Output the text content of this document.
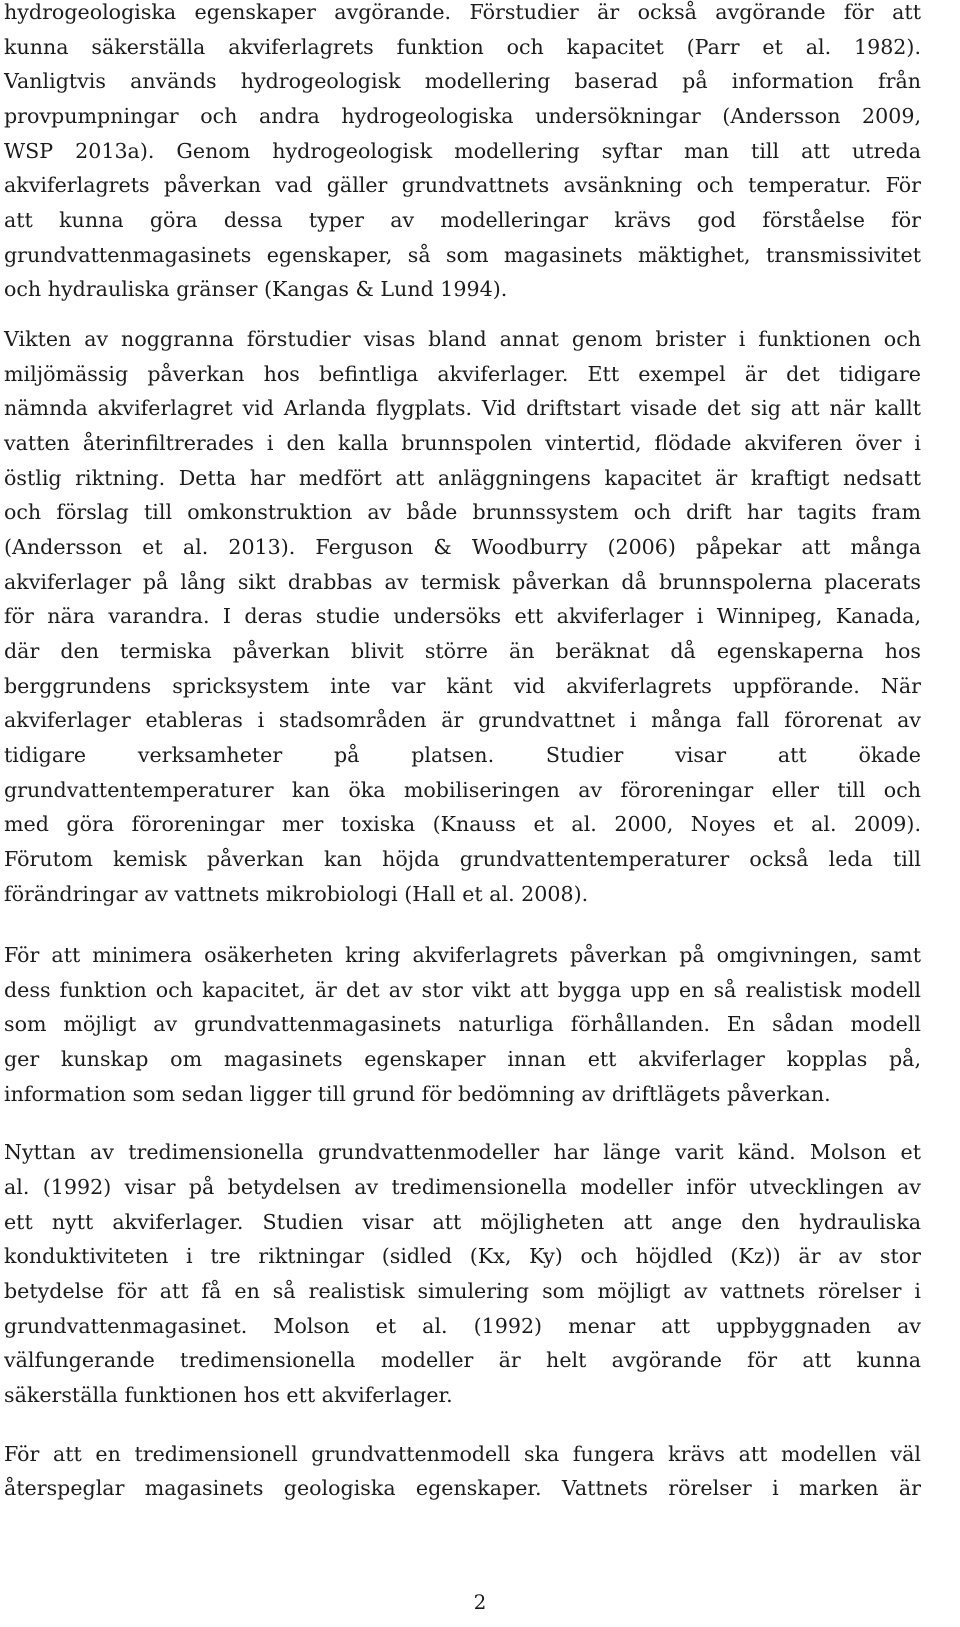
hydrogeologiska egenskaper avgörande. Förstudier är också avgörande för att

kunna säkerställa akviferlagrets funktion och kapacitet (Parr et al. 1982).

Vanligtvis används hydrogeologisk modellering baserad på information från

provpumpningar och andra hydrogeologiska undersökningar (Andersson 2009,

WSP 2013a). Genom hydrogeologisk modellering syftar man till att utreda

akviferlagrets påverkan vad gäller grundvattnets avsänkning och temperatur. För

att kunna göra dessa typer av modelleringar krävs god förståelse för

grundvattenmagasinets egenskaper, så som magasinets mäktighet, transmissivitet

och hydrauliska gränser (Kangas & Lund 1994).

Vikten av noggranna förstudier visas bland annat genom brister i funktionen och

miljömässig påverkan hos befintliga akviferlager. Ett exempel är det tidigare

nämnda akviferlagret vid Arlanda flygplats. Vid driftstart visade det sig att när kallt

vatten återinfiltrerades i den kalla brunnspolen vintertid, flödade akviferen över i

östlig riktning. Detta har medfört att anläggningens kapacitet är kraftigt nedsatt

och förslag till omkonstruktion av både brunnssystem och drift har tagits fram

(Andersson et al. 2013). Ferguson & Woodburry (2006) påpekar att många

akviferlager på lång sikt drabbas av termisk påverkan då brunnspolerna placerats

för nära varandra. I deras studie undersöks ett akviferlager i Winnipeg, Kanada,

där den termiska påverkan blivit större än beräknat då egenskaperna hos

berggrundens spricksystem inte var känt vid akviferlagrets uppförande. När

akviferlager etableras i stadsområden är grundvattnet i många fall förorenat av

tidigare verksamheter på platsen. Studier visar att ökade

grundvattentemperaturer kan öka mobiliseringen av föroreningar eller till och

med göra föroreningar mer toxiska (Knauss et al. 2000, Noyes et al. 2009).

Förutom kemisk påverkan kan höjda grundvattentemperaturer också leda till

förändringar av vattnets mikrobiologi (Hall et al. 2008).

För att minimera osäkerheten kring akviferlagrets påverkan på omgivningen, samt

dess funktion och kapacitet, är det av stor vikt att bygga upp en så realistisk modell

som möjligt av grundvattenmagasinets naturliga förhållanden. En sådan modell

ger kunskap om magasinets egenskaper innan ett akviferlager kopplas på,

information som sedan ligger till grund för bedömning av driftlägets påverkan.

Nyttan av tredimensionella grundvattenmodeller har länge varit känd. Molson et

al. (1992) visar på betydelsen av tredimensionella modeller inför utvecklingen av

ett nytt akviferlager. Studien visar att möjligheten att ange den hydrauliska

konduktiviteten i tre riktningar (sidled (Kx, Ky) och höjdled (Kz)) är av stor

betydelse för att få en så realistisk simulering som möjligt av vattnets rörelser i

grundvattenmagasinet. Molson et al. (1992) menar att uppbyggnaden av

välfungerande tredimensionella modeller är helt avgörande för att kunna

säkerställa funktionen hos ett akviferlager.

För att en tredimensionell grundvattenmodell ska fungera krävs att modellen väl

återspeglar magasinets geologiska egenskaper. Vattnets rörelser i marken är

2
